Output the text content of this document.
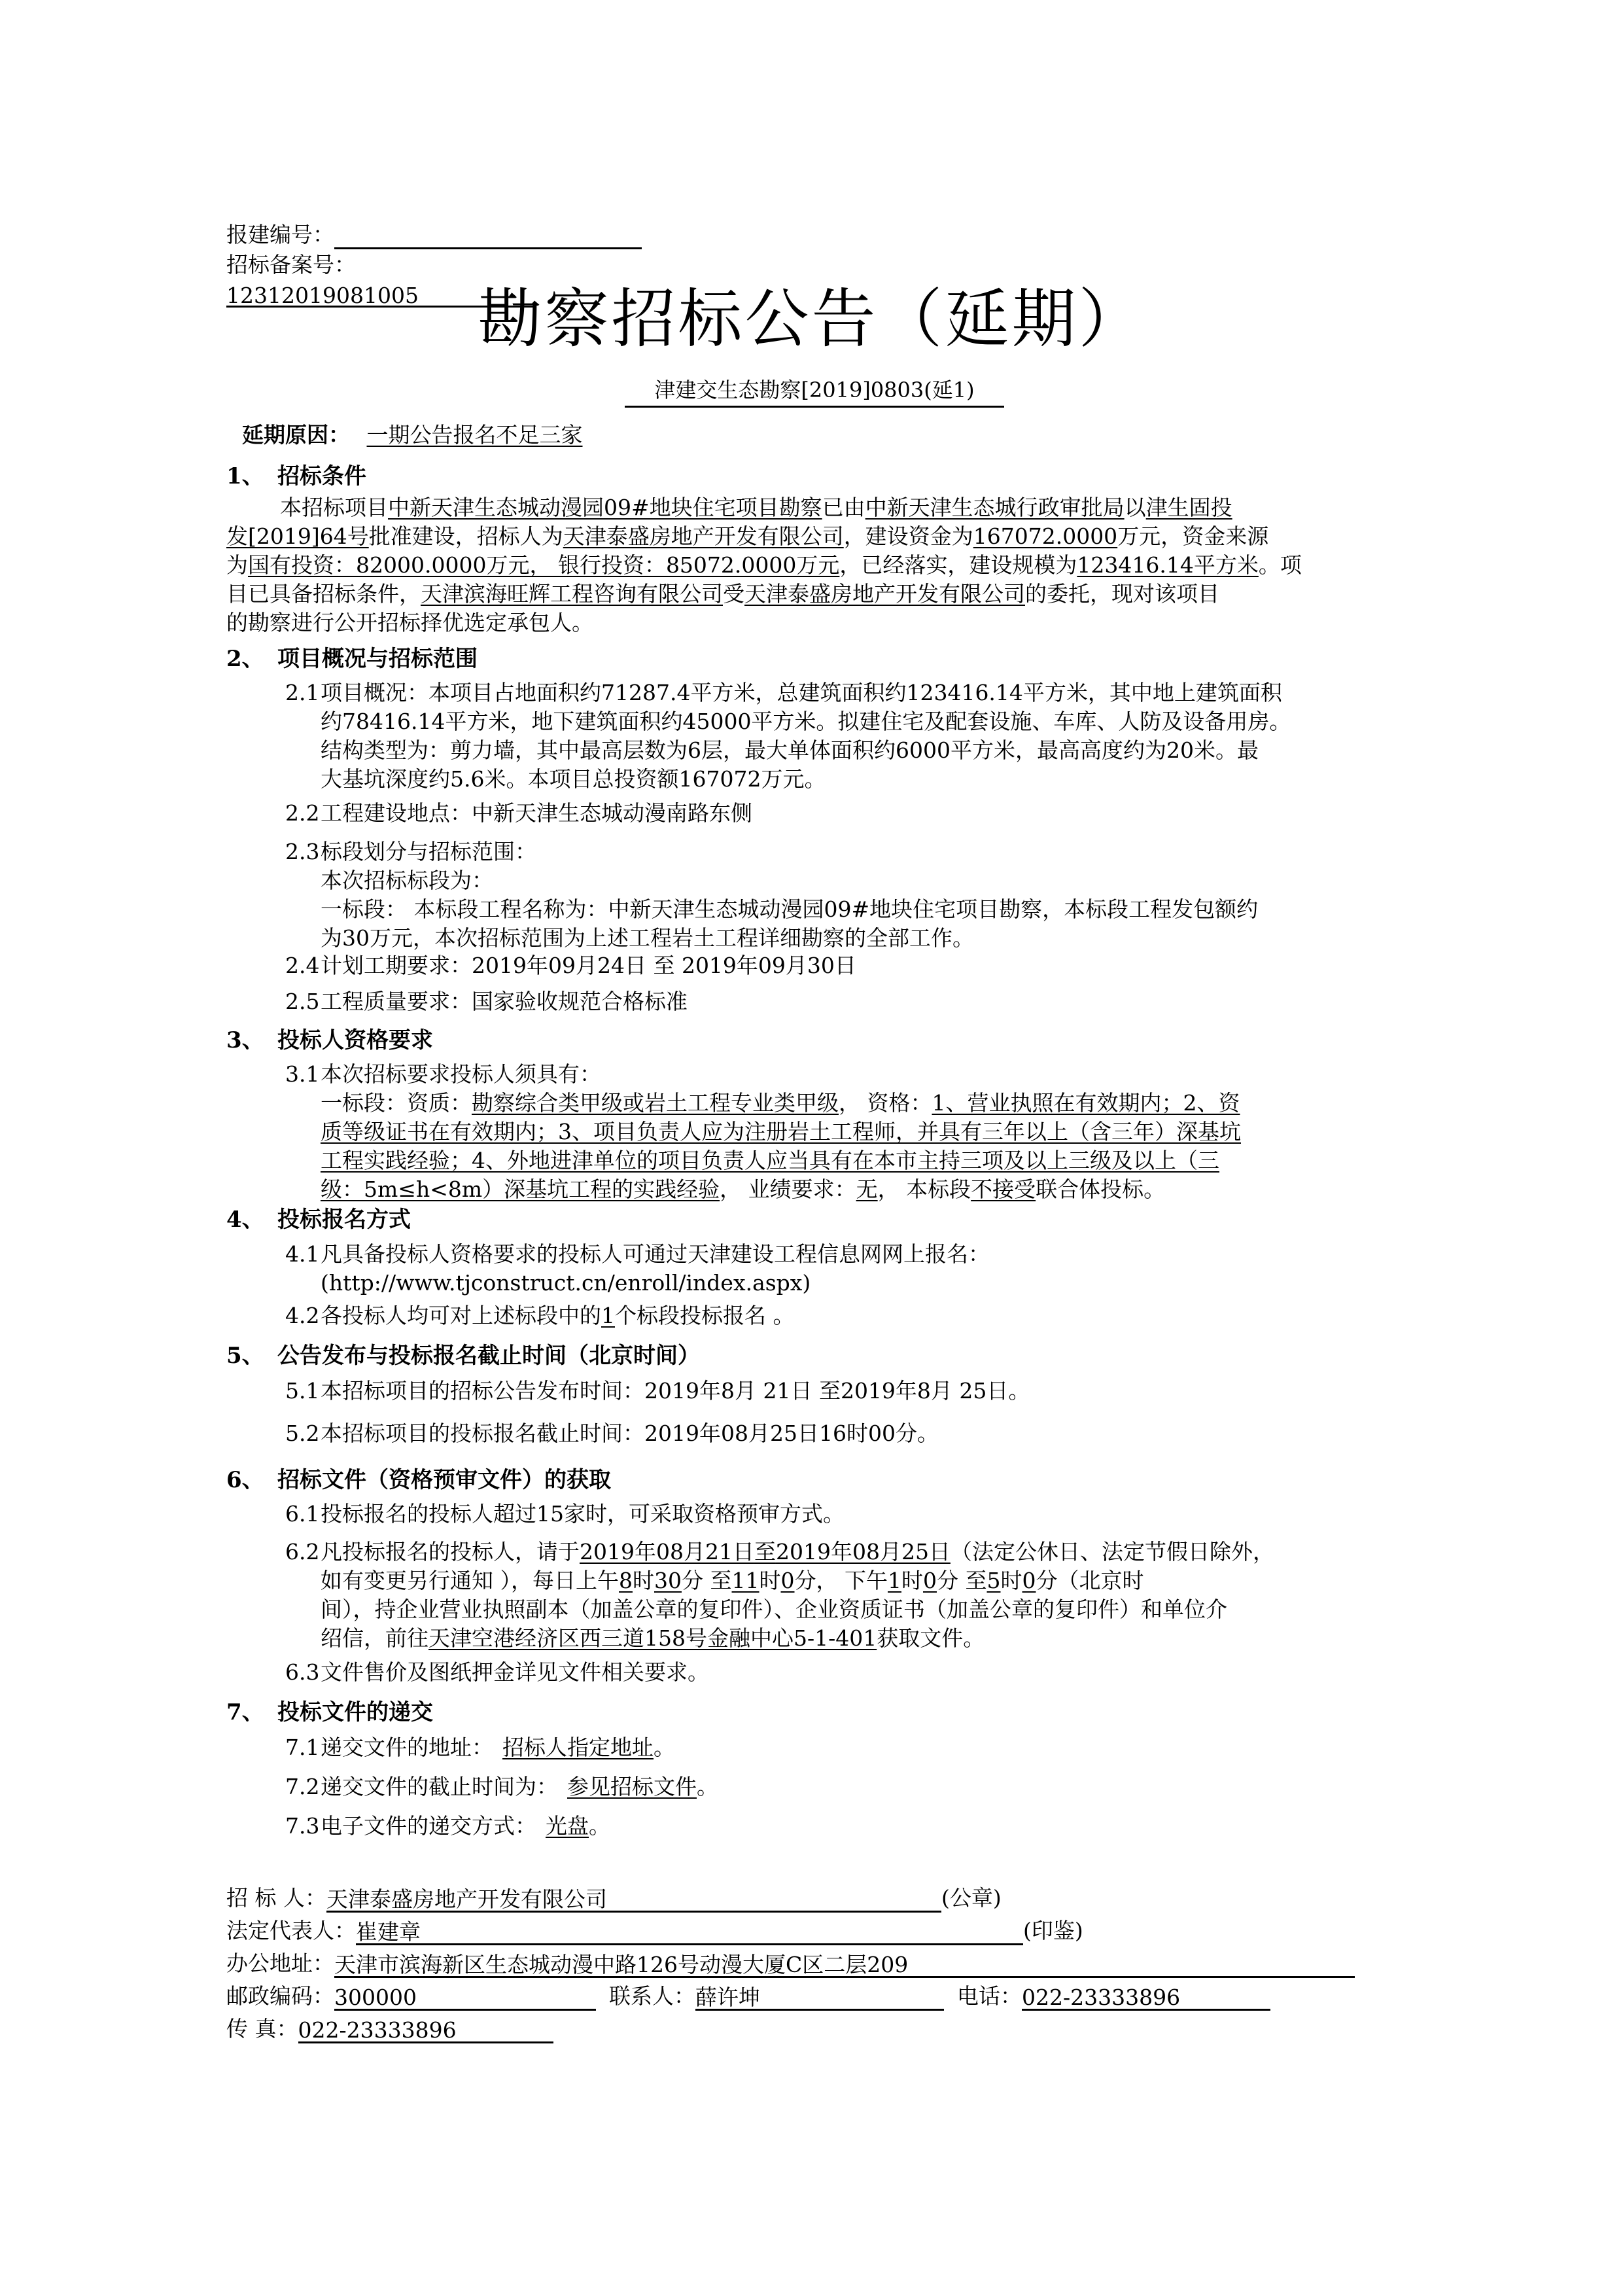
报建编号：
招标备案号：12312019081005 勘察招标公告（延期）
津建交生态勘察[2019]0803(延1)
延期原因： 一期公告报名不足三家
1、 招标条件
本招标项目中新天津生态城动漫园09#地块住宅项目勘察已由中新天津生态城行政审批局以津生固投
发[2019]64号批准建设，招标人为天津泰盛房地产开发有限公司，建设资金为167072.0000万元，资金来源
为国有投资：82000.0000万元， 银行投资：85072.0000万元，已经落实，建设规模为123416.14平方米。项
目已具备招标条件，天津滨海旺辉工程咨询有限公司受天津泰盛房地产开发有限公司的委托，现对该项目
的勘察进行公开招标择优选定承包人。
2、 项目概况与招标范围
2.1项目概况：本项目占地面积约71287.4平方米，总建筑面积约123416.14平方米，其中地上建筑面积
约78416.14平方米，地下建筑面积约45000平方米。拟建住宅及配套设施、车库、人防及设备用房。
结构类型为：剪力墙，其中最高层数为6层，最大单体面积约6000平方米，最高高度约为20米。最
大基坑深度约5.6米。本项目总投资额167072万元。
2.2工程建设地点：中新天津生态城动漫南路东侧
2.3标段划分与招标范围：
本次招标标段为：
一标段： 本标段工程名称为：中新天津生态城动漫园09#地块住宅项目勘察，本标段工程发包额约
为30万元，本次招标范围为上述工程岩土工程详细勘察的全部工作。
2.4计划工期要求：2019年09月24日 至 2019年09月30日
2.5工程质量要求：国家验收规范合格标准
3、 投标人资格要求
3.1本次招标要求投标人须具有：
一标段：资质：勘察综合类甲级或岩土工程专业类甲级， 资格：1、营业执照在有效期内；2、资
质等级证书在有效期内；3、项目负责人应为注册岩土工程师，并具有三年以上（含三年）深基坑
工程实践经验；4、外地进津单位的项目负责人应当具有在本市主持三项及以上三级及以上（三
级：5m≤h<8m）深基坑工程的实践经验， 业绩要求：无， 本标段不接受联合体投标。
4、 投标报名方式
4.1凡具备投标人资格要求的投标人可通过天津建设工程信息网网上报名：
(http://www.tjconstruct.cn/enroll/index.aspx)
4.2各投标人均可对上述标段中的1个标段投标报名 。
5、 公告发布与投标报名截止时间（北京时间）
5.1本招标项目的招标公告发布时间：2019年8月 21日 至2019年8月 25日。
5.2本招标项目的投标报名截止时间：2019年08月25日16时00分。
6、 招标文件（资格预审文件）的获取
6.1投标报名的投标人超过15家时，可采取资格预审方式。
6.2凡投标报名的投标人，请于2019年08月21日至2019年08月25日（法定公休日、法定节假日除外，
如有变更另行通知 ），每日上午8时30分 至11时0分， 下午1时0分 至5时0分（北京时
间），持企业营业执照副本（加盖公章的复印件）、企业资质证书（加盖公章的复印件）和单位介
绍信，前往天津空港经济区西三道158号金融中心5-1-401获取文件。
6.3文件售价及图纸押金详见文件相关要求。
7、 投标文件的递交
7.1递交文件的地址： 招标人指定地址。
7.2递交文件的截止时间为： 参见招标文件。
7.3电子文件的递交方式： 光盘。
招 标 人：天津泰盛房地产开发有限公司	(公章)
法定代表人：崔建章	(印鉴)
办公地址：天津市滨海新区生态城动漫中路126号动漫大厦C区二层209
邮政编码：300000	联系人：薛许坤	电话：022-23333896
传 真：022-23333896
